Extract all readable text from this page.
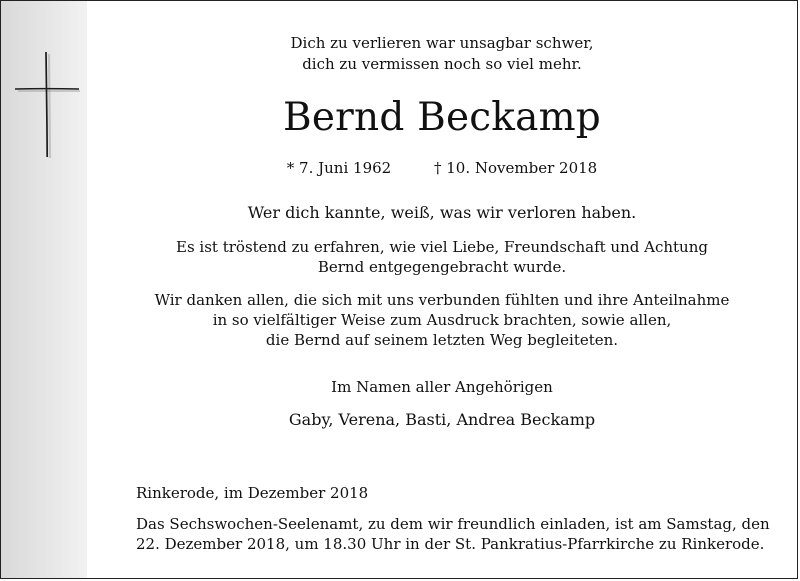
Dich zu verlieren war unsagbar schwer,
dich zu vermissen noch so viel mehr.
Bernd Beckamp
* 7. Juni 1962	† 10. November 2018
Wer dich kannte, weiß, was wir verloren haben.
Es ist tröstend zu erfahren, wie viel Liebe, Freundschaft und Achtung
Bernd entgegengebracht wurde.
Wir danken allen, die sich mit uns verbunden fühlten und ihre Anteilnahme
in so vielfältiger Weise zum Ausdruck brachten, sowie allen,
die Bernd auf seinem letzten Weg begleiteten.
Im Namen aller Angehörigen
Gaby, Verena, Basti, Andrea Beckamp
Rinkerode, im Dezember 2018
Das Sechswochen-Seelenamt, zu dem wir freundlich einladen, ist am Samstag, den
22. Dezember 2018, um 18.30 Uhr in der St. Pankratius-Pfarrkirche zu Rinkerode.
